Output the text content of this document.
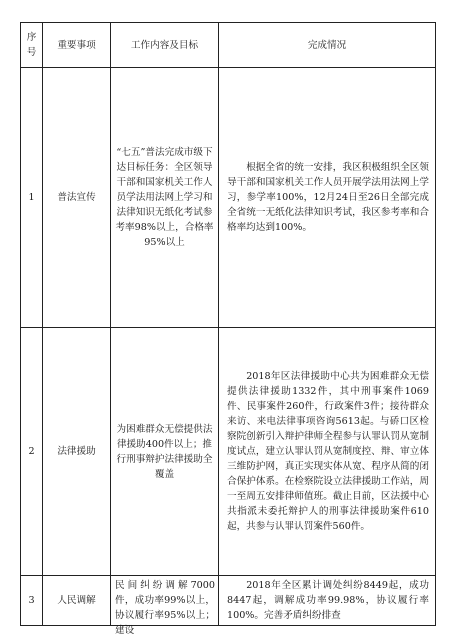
序号	重要事项	工作内容及目标	完成情况
1	普法宣传	“七五”普法完成市级下达目标任务：全区领导干部和国家机关工作人员学法用法网上学习和法律知识无纸化考试参考率98%以上，合格率95%以上	根据全省的统一安排，我区积极组织全区领导干部和国家机关工作人员开展学法用法网上学习，参学率100%，12月24日至26日全部完成全省统一无纸化法律知识考试，我区参考率和合格率均达到100%。

2	法律援助	为困难群众无偿提供法律援助400件以上；推行刑事辩护法律援助全覆盖	2018年区法律援助中心共为困难群众无偿提供法律援助1332件，其中刑事案件1069件、民事案件260件，行政案件3件；接待群众来访、来电法律事项咨询5613起。与硚口区检察院创新引入辩护律师全程参与认罪认罚从宽制度试点，建立认罪认罚从宽制度控、辩、审立体三维防护网，真正实现实体从宽、程序从简的闭合保护体系。在检察院设立法律援助工作站，周一至周五安排律师值班。截止目前，区法援中心共指派未委托辩护人的刑事法律援助案件610起，共参与认罪认罚案件560件。

3	人民调解	民间纠纷调解7000件，成功率99%以上，协议履行率95%以上；建设	2018年全区累计调处纠纷8449起，成功8447起，调解成功率99.98%，协议履行率100%。完善矛盾纠纷排查
